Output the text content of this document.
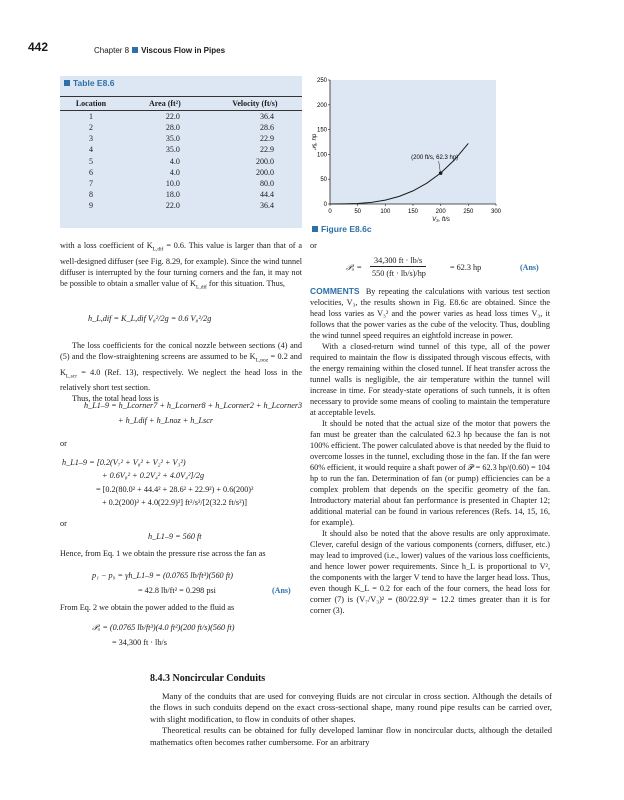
442	Chapter 8 Viscous Flow in Pipes
Table E8.6
Location	Area (ft²)	Velocity (ft/s)
1	22.0	36.4
2	28.0	28.6
3	35.0	22.9
4	35.0	22.9
5	4.0	200.0
6	4.0	200.0
7	10.0	80.0
8	18.0	44.4
9	22.0	36.4
0	50	100	150	200	250	300
0
50
100
150
200
250
(200 ft/s, 62.3 hp)
V₃, ft/s
𝒫ₐ, hp
Figure E8.6c
with a loss coefficient of $K_{L,dif} = 0.6$. This value is larger than that of a well-designed diffuser (see Fig. 8.29, for example). Since the wind tunnel diffuser is interrupted by the four turning corners and the fan, it may not be possible to obtain a smaller value of $K_{L,dif}$ for this situation. Thus,
h_L,dif = K_L,dif V₈²/2g = 0.6 V₈²/2g
The loss coefficients for the conical nozzle between sections (4) and (5) and the flow-straightening screens are assumed to be $K_{L,noz} = 0.2$ and $K_{L,scr} = 4.0$ (Ref. 13), respectively. We neglect the head loss in the relatively short test section.
Thus, the total head loss is
h_L1–9 = h_Lcorner7 + h_Lcorner8 + h_Lcorner2 + h_Lcorner3
+ h_Ldif + h_Lnoz + h_Lscr
or
h_L1–9 = [0.2(V₇² + V₈² + V₂² + V₃²)
+ 0.6V₈² + 0.2V₄² + 4.0V₄²]/2g
= [0.2(80.0² + 44.4² + 28.6² + 22.9²) + 0.6(200)²
+ 0.2(200)² + 4.0(22.9)²] ft²/s²/[2(32.2 ft/s²)]
or
h_L1–9 = 560 ft
Hence, from Eq. 1 we obtain the pressure rise across the fan as
p₁ − p₉ = γh_L1–9 = (0.0765 lb/ft³)(560 ft)
= 42.8 lb/ft² = 0.298 psi	(Ans)
From Eq. 2 we obtain the power added to the fluid as
𝒫ₐ = (0.0765 lb/ft³)(4.0 ft²)(200 ft/s)(560 ft)
= 34,300 ft · lb/s
or
𝒫ₐ =
34,300 ft · lb/s
550 (ft · lb/s)/hp
= 62.3 hp	(Ans)
COMMENTS By repeating the calculations with various test section velocities, V₃, the results shown in Fig. E8.6c are obtained. Since the head loss varies as V₃² and the power varies as head loss times V₃, it follows that the power varies as the cube of the velocity. Thus, doubling the wind tunnel speed requires an eightfold increase in power.
With a closed-return wind tunnel of this type, all of the power required to maintain the flow is dissipated through viscous effects, with the energy remaining within the closed tunnel. If heat transfer across the tunnel walls is negligible, the air temperature within the tunnel will increase in time. For steady-state operations of such tunnels, it is often necessary to provide some means of cooling to maintain the temperature at acceptable levels.
It should be noted that the actual size of the motor that powers the fan must be greater than the calculated 62.3 hp because the fan is not 100% efficient. The power calculated above is that needed by the fluid to overcome losses in the tunnel, excluding those in the fan. If the fan were 60% efficient, it would require a shaft power of 𝒫 = 62.3 hp/(0.60) = 104 hp to run the fan. Determination of fan (or pump) efficiencies can be a complex problem that depends on the specific geometry of the fan. Introductory material about fan performance is presented in Chapter 12; additional material can be found in various references (Refs. 14, 15, 16, for example).
It should also be noted that the above results are only approximate. Clever, careful design of the various components (corners, diffuser, etc.) may lead to improved (i.e., lower) values of the various loss coefficients, and hence lower power requirements. Since h_L is proportional to V², the components with the larger V tend to have the larger head loss. Thus, even though K_L = 0.2 for each of the four corners, the head loss for corner (7) is (V₇/V₃)² = (80/22.9)² = 12.2 times greater than it is for corner (3).
8.4.3 Noncircular Conduits
Many of the conduits that are used for conveying fluids are not circular in cross section. Although the details of the flows in such conduits depend on the exact cross-sectional shape, many round pipe results can be carried over, with slight modification, to flow in conduits of other shapes.
Theoretical results can be obtained for fully developed laminar flow in noncircular ducts, although the detailed mathematics often becomes rather cumbersome. For an arbitrary
